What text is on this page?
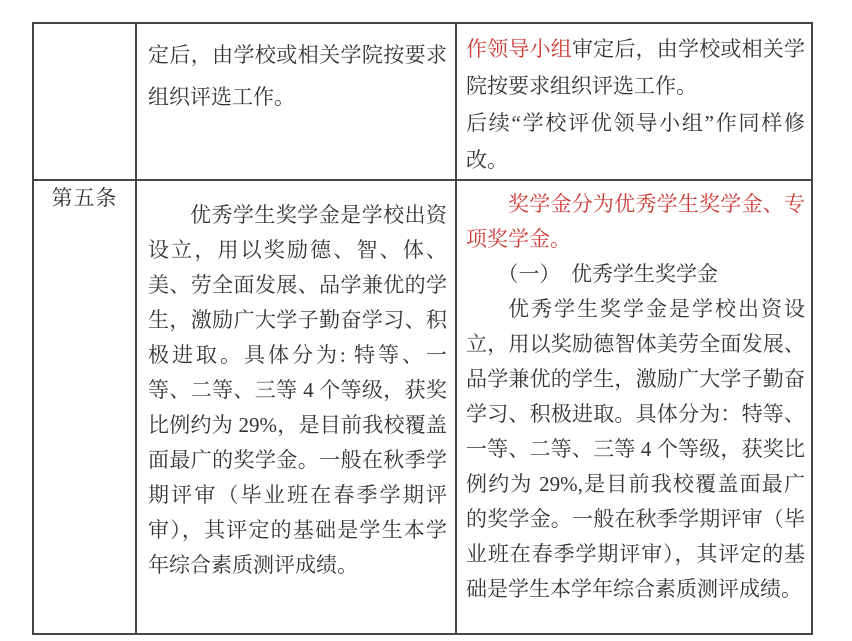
	定后，由学校或相关学院按要求组织评选工作。	作领导小组审定后，由学校或相关学院按要求组织评选工作。

后续“学校评优领导小组”作同样修改。

第五条	优秀学生奖学金是学校出资设立，用以奖励德、智、体、美、劳全面发展、品学兼优的学生，激励广大学子勤奋学习、积极进取。具体分为: 特等、一等、二等、三等 4 个等级，获奖比例约为 29%，是目前我校覆盖面最广的奖学金。一般在秋季学期评审（毕业班在春季学期评审），其评定的基础是学生本学年综合素质测评成绩。	奖学金分为优秀学生奖学金、专项奖学金。

（一）　优秀学生奖学金

优秀学生奖学金是学校出资设立，用以奖励德智体美劳全面发展、品学兼优的学生，激励广大学子勤奋学习、积极进取。具体分为：特等、一等、二等、三等 4 个等级，获奖比例约为 29%,是目前我校覆盖面最广的奖学金。一般在秋季学期评审（毕业班在春季学期评审），其评定的基础是学生本学年综合素质测评成绩。
